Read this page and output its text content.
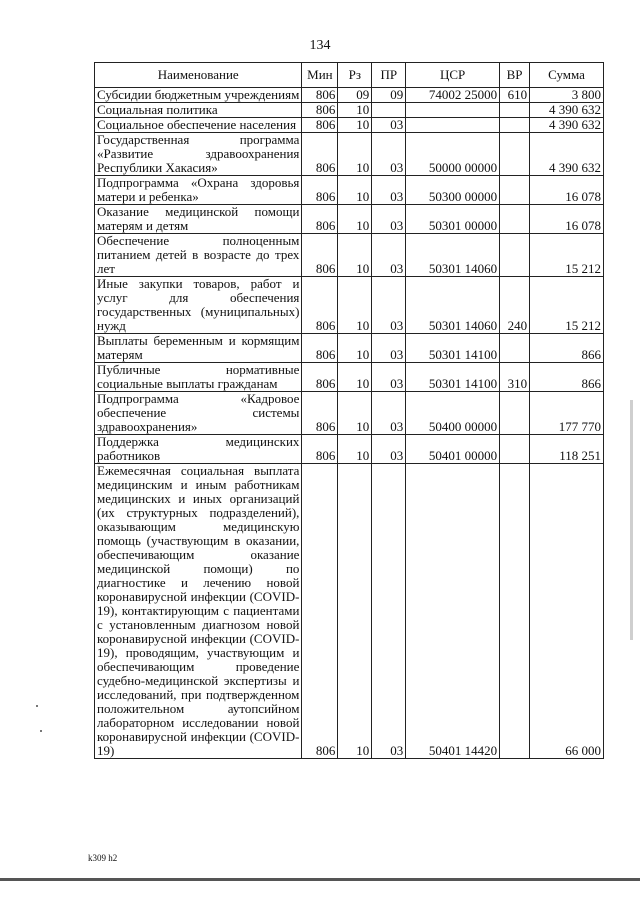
134
Наименование	Мин	Рз	ПР	ЦСР	ВР	Сумма
Субсидии бюджетным учреждениям	806	09	09	74002 25000	610	3 800
Социальная политика	806	10				4 390 632
Социальное обеспечение населения	806	10	03			4 390 632
Государственная программа «Развитие здравоохранения Республики Хакасия»	806	10	03	50000 00000		4 390 632
Подпрограмма «Охрана здоровья матери и ребенка»	806	10	03	50300 00000		16 078
Оказание медицинской помощи матерям и детям	806	10	03	50301 00000		16 078
Обеспечение полноценным питанием детей в возрасте до трех лет	806	10	03	50301 14060		15 212
Иные закупки товаров, работ и услуг для обеспечения государственных (муниципальных) нужд	806	10	03	50301 14060	240	15 212
Выплаты беременным и кормящим матерям	806	10	03	50301 14100		866
Публичные нормативные социальные выплаты гражданам	806	10	03	50301 14100	310	866
Подпрограмма «Кадровое обеспечение системы здравоохранения»	806	10	03	50400 00000		177 770
Поддержка медицинских работников	806	10	03	50401 00000		118 251
Ежемесячная социальная выплата медицинским и иным работникам медицинских и иных организаций (их структурных подразделений), оказывающим медицинскую помощь (участвующим в оказании, обеспечивающим оказание медицинской помощи) по диагностике и лечению новой коронавирусной инфекции (COVID-19), контактирующим с пациентами с установленным диагнозом новой коронавирусной инфекции (COVID-19), проводящим, участвующим и обеспечивающим проведение судебно-медицинской экспертизы и исследований, при подтвержденном положительном аутопсийном лабораторном исследовании новой коронавирусной инфекции (COVID-19)	806	10	03	50401 14420		66 000
k309 h2
